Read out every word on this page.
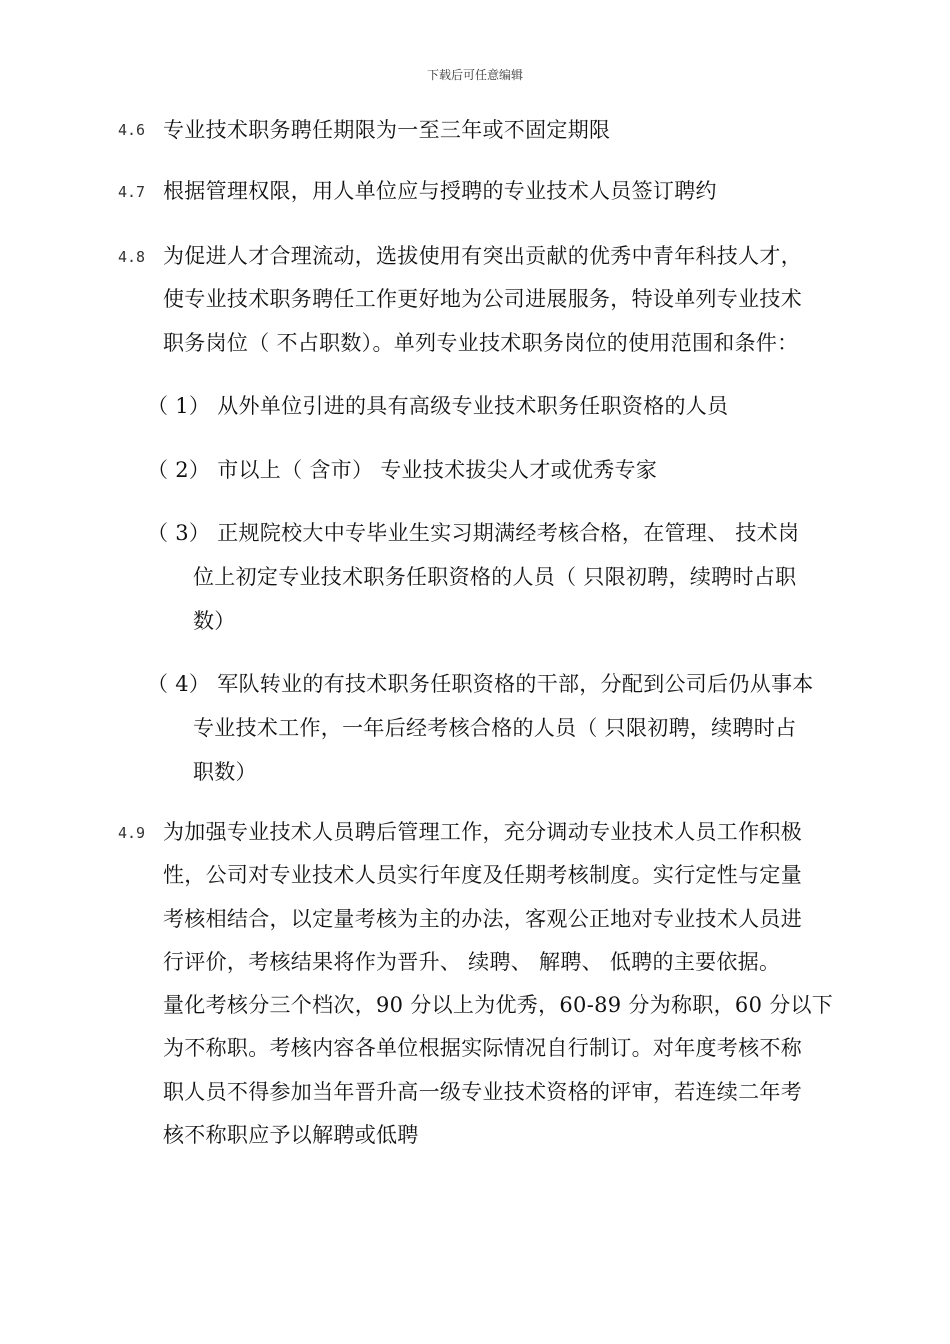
下载后可任意编辑
4.6 专业技术职务聘任期限为一至三年或不固定期限
4.7 根据管理权限，用人单位应与授聘的专业技术人员签订聘约
4.8 为促进人才合理流动，选拔使用有突出贡献的优秀中青年科技人才，
使专业技术职务聘任工作更好地为公司进展服务，特设单列专业技术
职务岗位（ 不占职数）。单列专业技术职务岗位的使用范围和条件：
（ 1） 从外单位引进的具有高级专业技术职务任职资格的人员
（ 2） 市以上（ 含市） 专业技术拔尖人才或优秀专家
（ 3） 正规院校大中专毕业生实习期满经考核合格，在管理、 技术岗
位上初定专业技术职务任职资格的人员（ 只限初聘，续聘时占职
数）
（ 4） 军队转业的有技术职务任职资格的干部，分配到公司后仍从事本
专业技术工作，一年后经考核合格的人员（ 只限初聘，续聘时占
职数）
4.9 为加强专业技术人员聘后管理工作，充分调动专业技术人员工作积极
性，公司对专业技术人员实行年度及任期考核制度。实行定性与定量
考核相结合，以定量考核为主的办法，客观公正地对专业技术人员进
行评价，考核结果将作为晋升、 续聘、 解聘、 低聘的主要依据。
量化考核分三个档次，90 分以上为优秀，60-89 分为称职，60 分以下
为不称职。考核内容各单位根据实际情况自行制订。对年度考核不称
职人员不得参加当年晋升高一级专业技术资格的评审，若连续二年考
核不称职应予以解聘或低聘
